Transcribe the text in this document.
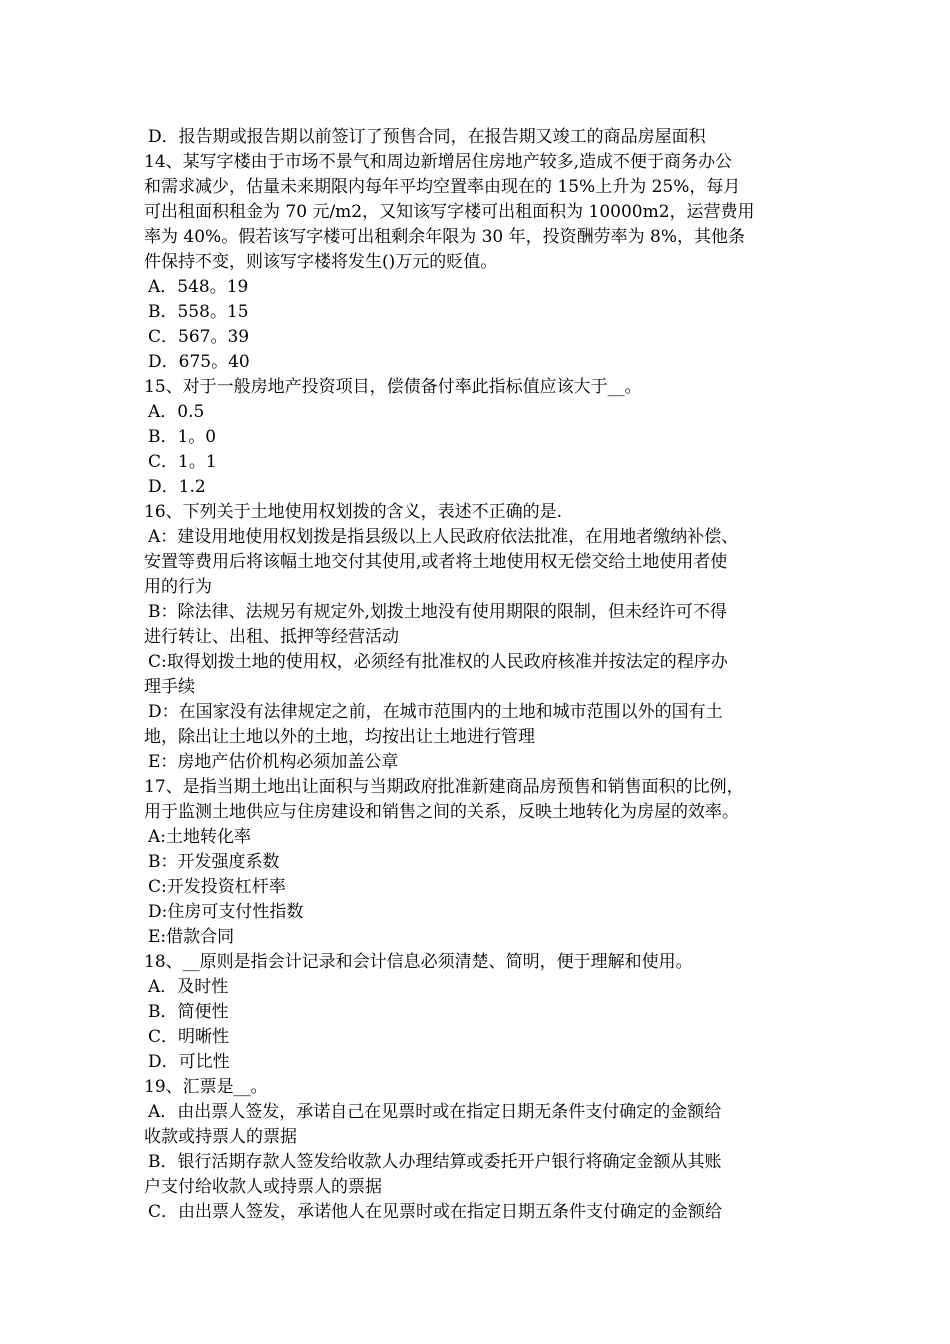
D．报告期或报告期以前签订了预售合同，在报告期又竣工的商品房屋面积
14、某写字楼由于市场不景气和周边新增居住房地产较多,造成不便于商务办公
和需求减少，估量未来期限内每年平均空置率由现在的 15%上升为 25%，每月
可出租面积租金为 70 元/m2，又知该写字楼可出租面积为 10000m2，运营费用
率为 40%。假若该写字楼可出租剩余年限为 30 年，投资酬劳率为 8%，其他条
件保持不变，则该写字楼将发生()万元的贬值。
A．548。19
B．558。15
C．567。39
D．675。40
15、对于一般房地产投资项目，偿债备付率此指标值应该大于__。
A．0.5
B．1。0
C．1。1
D．1.2
16、下列关于土地使用权划拨的含义，表述不正确的是.
A：建设用地使用权划拨是指县级以上人民政府依法批准，在用地者缴纳补偿、
安置等费用后将该幅土地交付其使用,或者将土地使用权无偿交给土地使用者使
用的行为
B：除法律、法规另有规定外,划拨土地没有使用期限的限制，但未经许可不得
进行转让、出租、抵押等经营活动
C:取得划拨土地的使用权，必须经有批准权的人民政府核准并按法定的程序办
理手续
D：在国家没有法律规定之前，在城市范围内的土地和城市范围以外的国有土
地，除出让土地以外的土地，均按出让土地进行管理
E：房地产估价机构必须加盖公章
17、是指当期土地出让面积与当期政府批准新建商品房预售和销售面积的比例，
用于监测土地供应与住房建设和销售之间的关系，反映土地转化为房屋的效率。
A:土地转化率
B：开发强度系数
C:开发投资杠杆率
D:住房可支付性指数
E:借款合同
18、__原则是指会计记录和会计信息必须清楚、简明，便于理解和使用。
A．及时性
B．简便性
C．明晰性
D．可比性
19、汇票是__。
A．由出票人签发，承诺自己在见票时或在指定日期无条件支付确定的金额给
收款或持票人的票据
B．银行活期存款人签发给收款人办理结算或委托开户银行将确定金额从其账
户支付给收款人或持票人的票据
C．由出票人签发，承诺他人在见票时或在指定日期五条件支付确定的金额给
